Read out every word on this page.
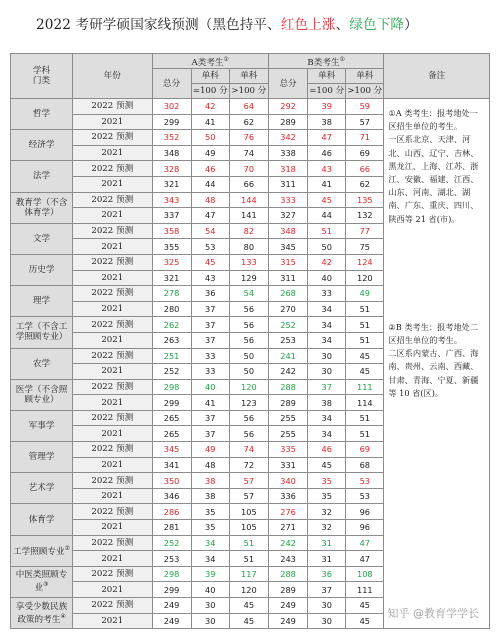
2022 考研学硕国家线预测（黑色持平、红色上涨、绿色下降）
学科
门类	年份	A类考生①			B类考生①			备注
		总分	单科	单科	总分	单科	单科	
			=100 分	>100 分		=100 分	>100 分	
哲学	2022 预测	302	42	64	292	39	59	①A 类考生：报考地处一区招生单位的考生。
一区系北京、天津、河北、山西、辽宁、吉林、黑龙江、上海、江苏、浙江、安徽、福建、江西、山东、河南、湖北、湖南、广东、重庆、四川、陕西等 21 省(市)。
②B 类考生：报考地处二区招生单位的考生。
二区系内蒙古、广西、海南、贵州、云南、西藏、甘肃、青海、宁夏、新疆等 10 省(区)。

	2021	299	41	62	289	38	57	
经济学	2022 预测	352	50	76	342	47	71	
	2021	348	49	74	338	46	69	
法学	2022 预测	328	46	70	318	43	66	
	2021	321	44	66	311	41	62	
教育学（不含体育学）	2022 预测	343	48	144	333	45	135	
	2021	337	47	141	327	44	132	
文学	2022 预测	358	54	82	348	51	77	
	2021	355	53	80	345	50	75	
历史学	2022 预测	325	45	133	315	42	124	
	2021	321	43	129	311	40	120	
理学	2022 预测	278	36	54	268	33	49	
	2021	280	37	56	270	34	51	
工学（不含工学照顾专业）	2022 预测	262	37	56	252	34	51	
	2021	263	37	56	253	34	51	
农学	2022 预测	251	33	50	241	30	45	
	2021	252	33	50	242	30	45	
医学（不含照顾专业）	2022 预测	298	40	120	288	37	111	
	2021	299	41	123	289	38	114	
军事学	2022 预测	265	37	56	255	34	51	
	2021	265	37	56	255	34	51	
管理学	2022 预测	345	49	74	335	46	69	
	2021	341	48	72	331	45	68	
艺术学	2022 预测	350	38	57	340	35	53	
	2021	346	38	57	336	35	53	
体育学	2022 预测	286	35	105	276	32	96	
	2021	281	35	105	271	32	96	
工学照顾专业②	2022 预测	252	34	51	242	31	47	
	2021	253	34	51	243	31	47	
中医类照顾专业③	2022 预测	298	39	117	288	36	108	
	2021	299	40	120	289	37	111	
享受少数民族政策的考生④	2022 预测	249	30	45	249	30	45	
	2021	249	30	45	249	30	45	
知乎 @教育学学长
